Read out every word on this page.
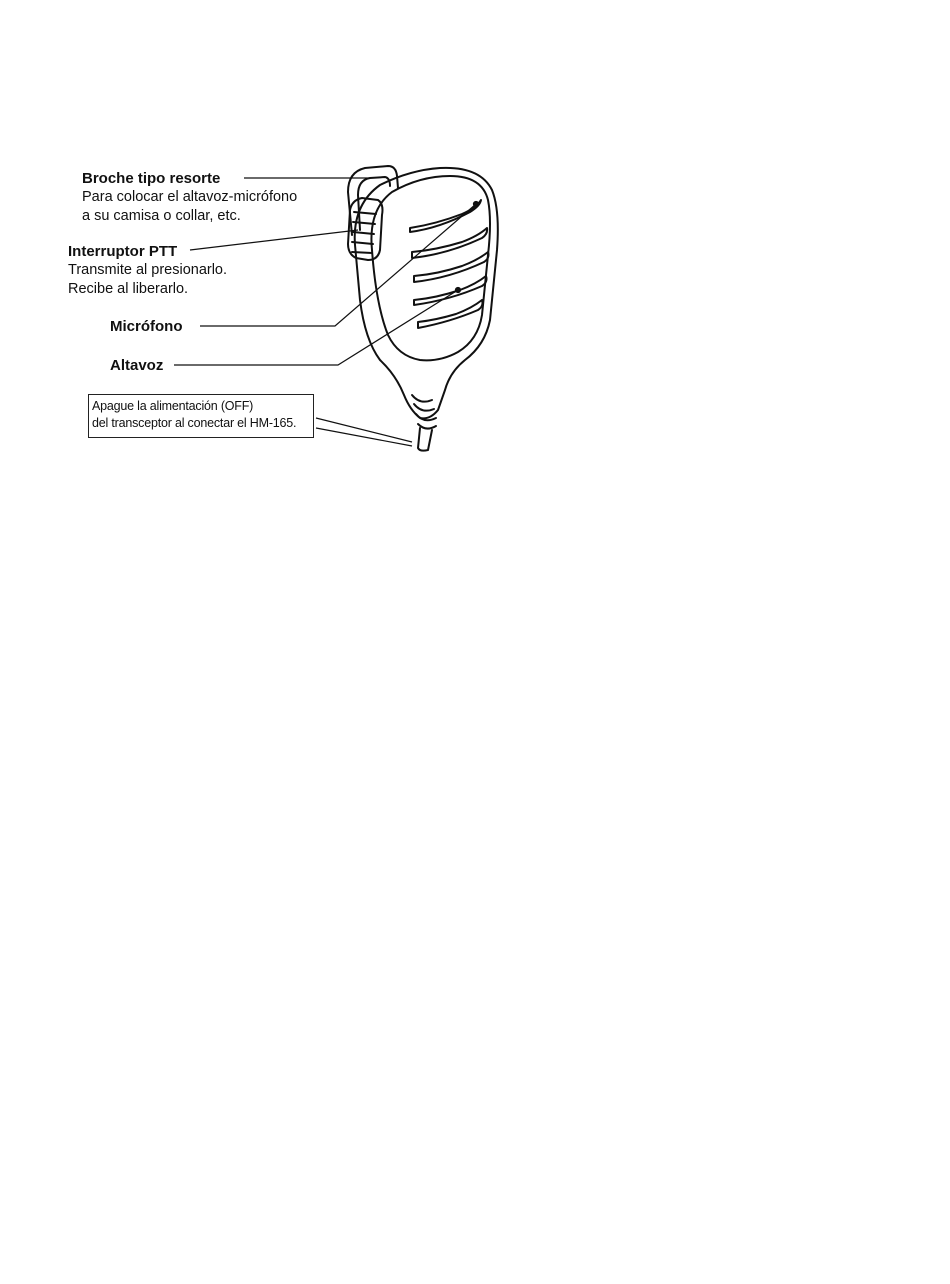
Broche tipo resorte
Para colocar el altavoz-micrófono
a su camisa o collar, etc.
Interruptor PTT
Transmite al presionarlo.
Recibe al liberarlo.
Micrófono
Altavoz
Apague la alimentación (OFF)
del transceptor al conectar el HM-165.
